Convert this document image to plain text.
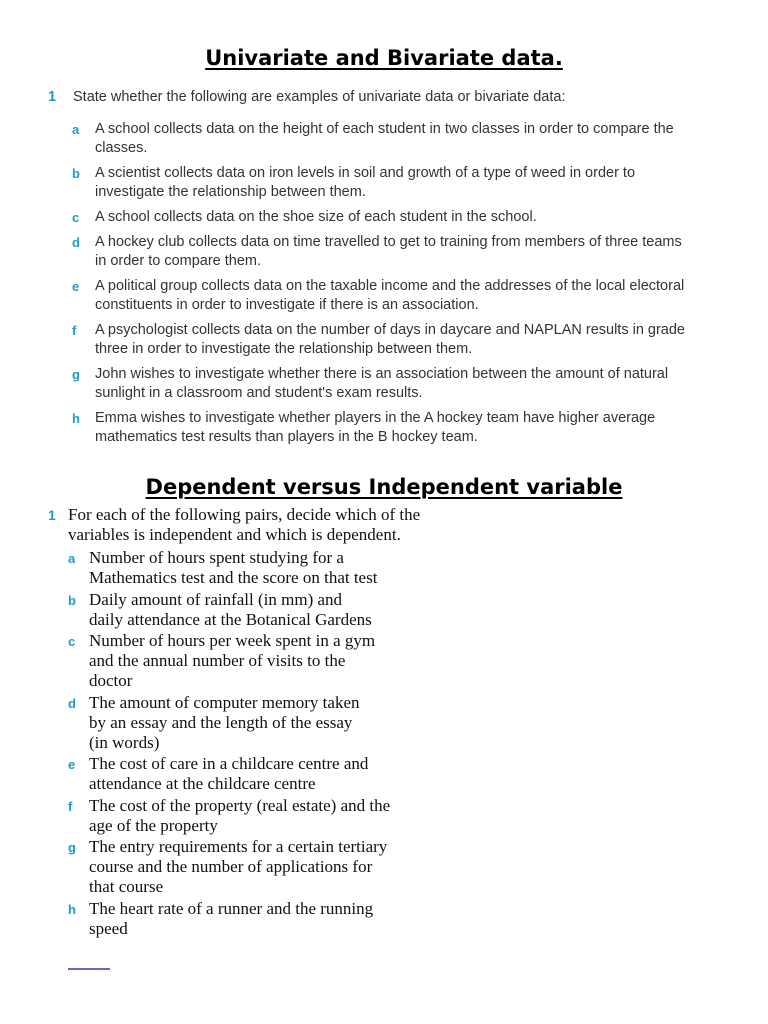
Univariate and Bivariate data.
1 State whether the following are examples of univariate data or bivariate data:
a A school collects data on the height of each student in two classes in order to compare the classes.
b A scientist collects data on iron levels in soil and growth of a type of weed in order to investigate the relationship between them.
c A school collects data on the shoe size of each student in the school.
d A hockey club collects data on time travelled to get to training from members of three teams in order to compare them.
e A political group collects data on the taxable income and the addresses of the local electoral constituents in order to investigate if there is an association.
f A psychologist collects data on the number of days in daycare and NAPLAN results in grade three in order to investigate the relationship between them.
g John wishes to investigate whether there is an association between the amount of natural sunlight in a classroom and student's exam results.
h Emma wishes to investigate whether players in the A hockey team have higher average mathematics test results than players in the B hockey team.
Dependent versus Independent variable
1 For each of the following pairs, decide which of the variables is independent and which is dependent.
a Number of hours spent studying for a
Mathematics test and the score on that test
b Daily amount of rainfall (in mm) and
daily attendance at the Botanical Gardens
c Number of hours per week spent in a gym
and the annual number of visits to the
doctor
d The amount of computer memory taken
by an essay and the length of the essay
(in words)
e The cost of care in a childcare centre and
attendance at the childcare centre
f The cost of the property (real estate) and the
age of the property
g The entry requirements for a certain tertiary
course and the number of applications for
that course
h The heart rate of a runner and the running
speed
